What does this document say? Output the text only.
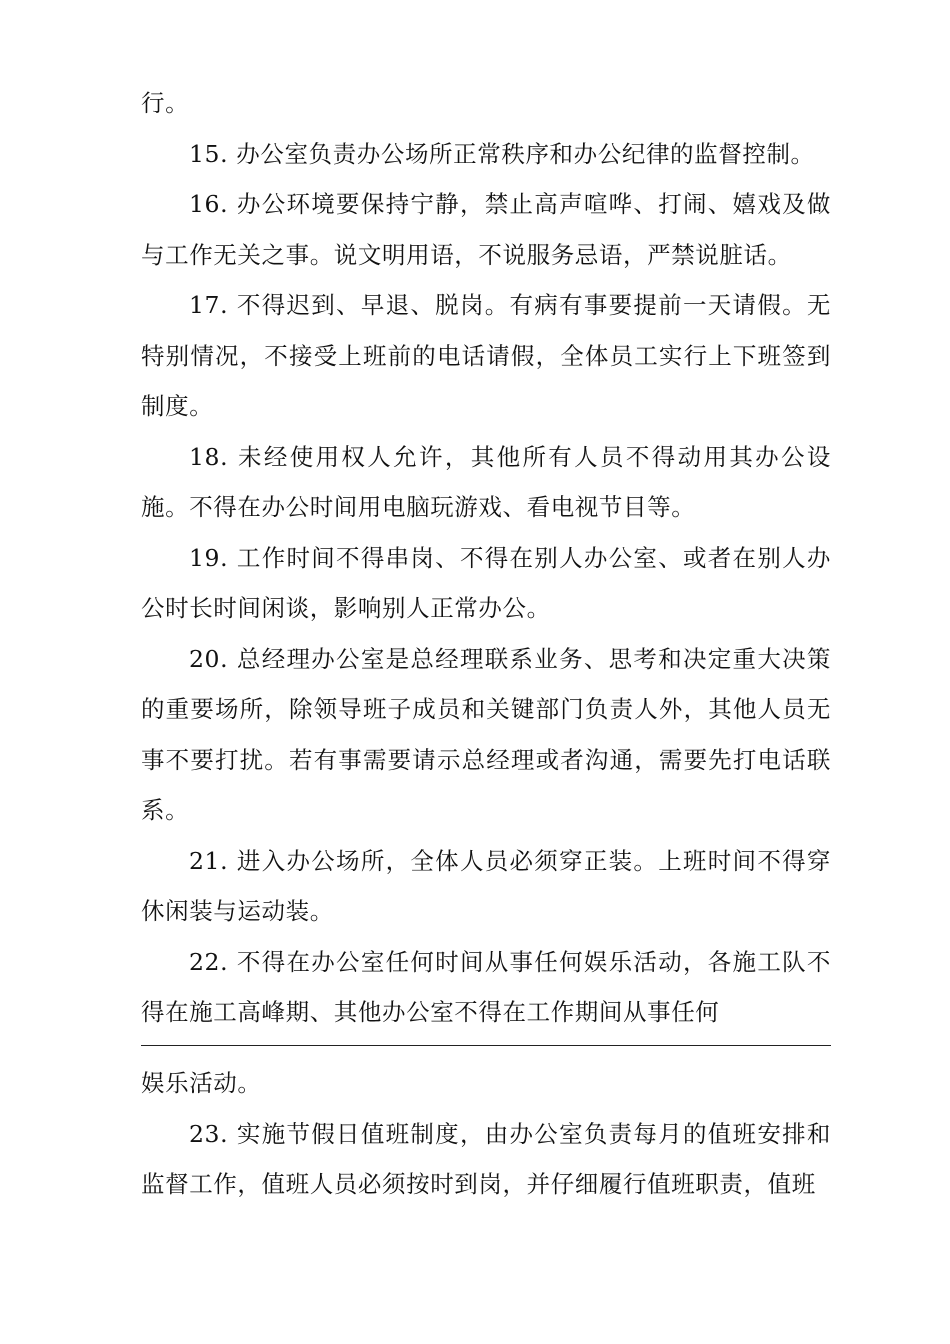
行。

15. 办公室负责办公场所正常秩序和办公纪律的监督控制。

16. 办公环境要保持宁静，禁止高声喧哗、打闹、嬉戏及做与工作无关之事。说文明用语，不说服务忌语，严禁说脏话。

17. 不得迟到、早退、脱岗。有病有事要提前一天请假。无特别情况，不接受上班前的电话请假，全体员工实行上下班签到制度。

18. 未经使用权人允许，其他所有人员不得动用其办公设施。不得在办公时间用电脑玩游戏、看电视节目等。

19. 工作时间不得串岗、不得在别人办公室、或者在别人办公时长时间闲谈，影响别人正常办公。

20. 总经理办公室是总经理联系业务、思考和决定重大决策的重要场所，除领导班子成员和关键部门负责人外，其他人员无事不要打扰。若有事需要请示总经理或者沟通，需要先打电话联系。

21. 进入办公场所，全体人员必须穿正装。上班时间不得穿休闲装与运动装。

22. 不得在办公室任何时间从事任何娱乐活动，各施工队不得在施工高峰期、其他办公室不得在工作期间从事任何

娱乐活动。

23. 实施节假日值班制度，由办公室负责每月的值班安排和监督工作，值班人员必须按时到岗，并仔细履行值班职责，值班
